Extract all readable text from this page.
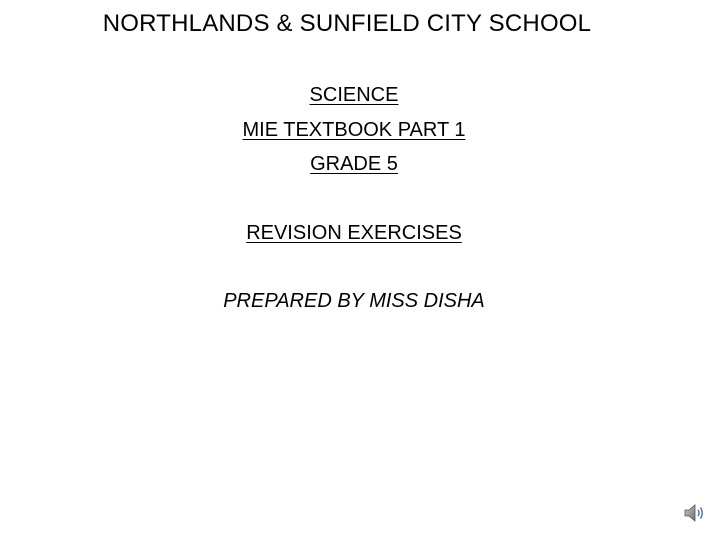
NORTHLANDS & SUNFIELD CITY SCHOOL
SCIENCE
MIE TEXTBOOK PART 1
GRADE 5
REVISION EXERCISES
PREPARED BY MISS DISHA
